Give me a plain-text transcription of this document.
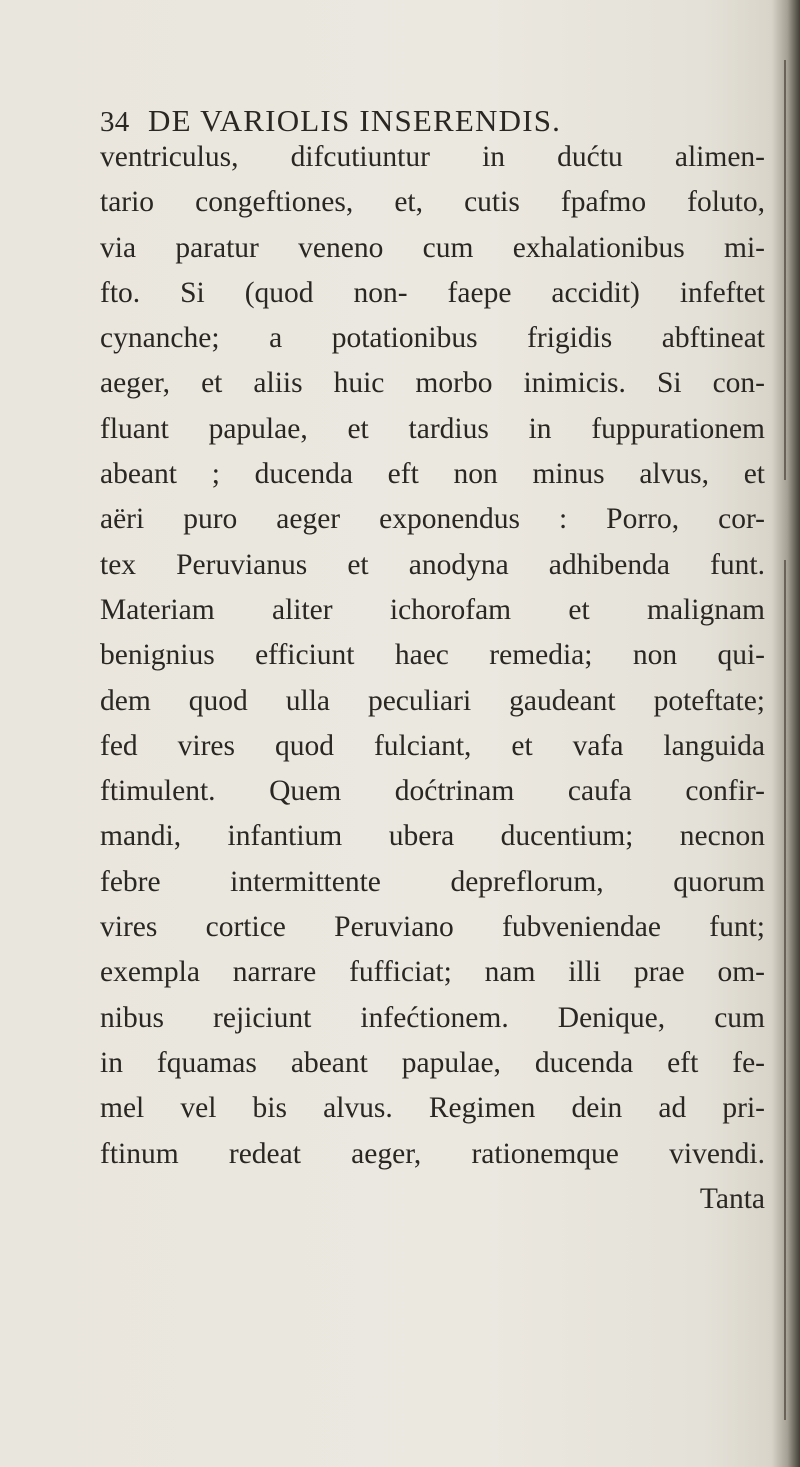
34 DE VARIOLIS INSERENDIS.
ventriculus, difcutiuntur in dućtu alimen-
tario congeftiones, et, cutis fpafmo foluto,
via paratur veneno cum exhalationibus mi-
fto. Si (quod non- faepe accidit) infeftet
cynanche; a potationibus frigidis abftineat
aeger, et aliis huic morbo inimicis. Si con-
fluant papulae, et tardius in fuppurationem
abeant ; ducenda eft non minus alvus, et
aëri puro aeger exponendus : Porro, cor-
tex Peruvianus et anodyna adhibenda funt.
Materiam aliter ichorofam et malignam
benignius efficiunt haec remedia; non qui-
dem quod ulla peculiari gaudeant poteftate;
fed vires quod fulciant, et vafa languida
ftimulent. Quem doćtrinam caufa confir-
mandi, infantium ubera ducentium; necnon
febre intermittente depreflorum, quorum
vires cortice Peruviano fubveniendae funt;
exempla narrare fufficiat; nam illi prae om-
nibus rejiciunt infećtionem. Denique, cum
in fquamas abeant papulae, ducenda eft fe-
mel vel bis alvus. Regimen dein ad pri-
ftinum redeat aeger, rationemque vivendi.
Tanta
